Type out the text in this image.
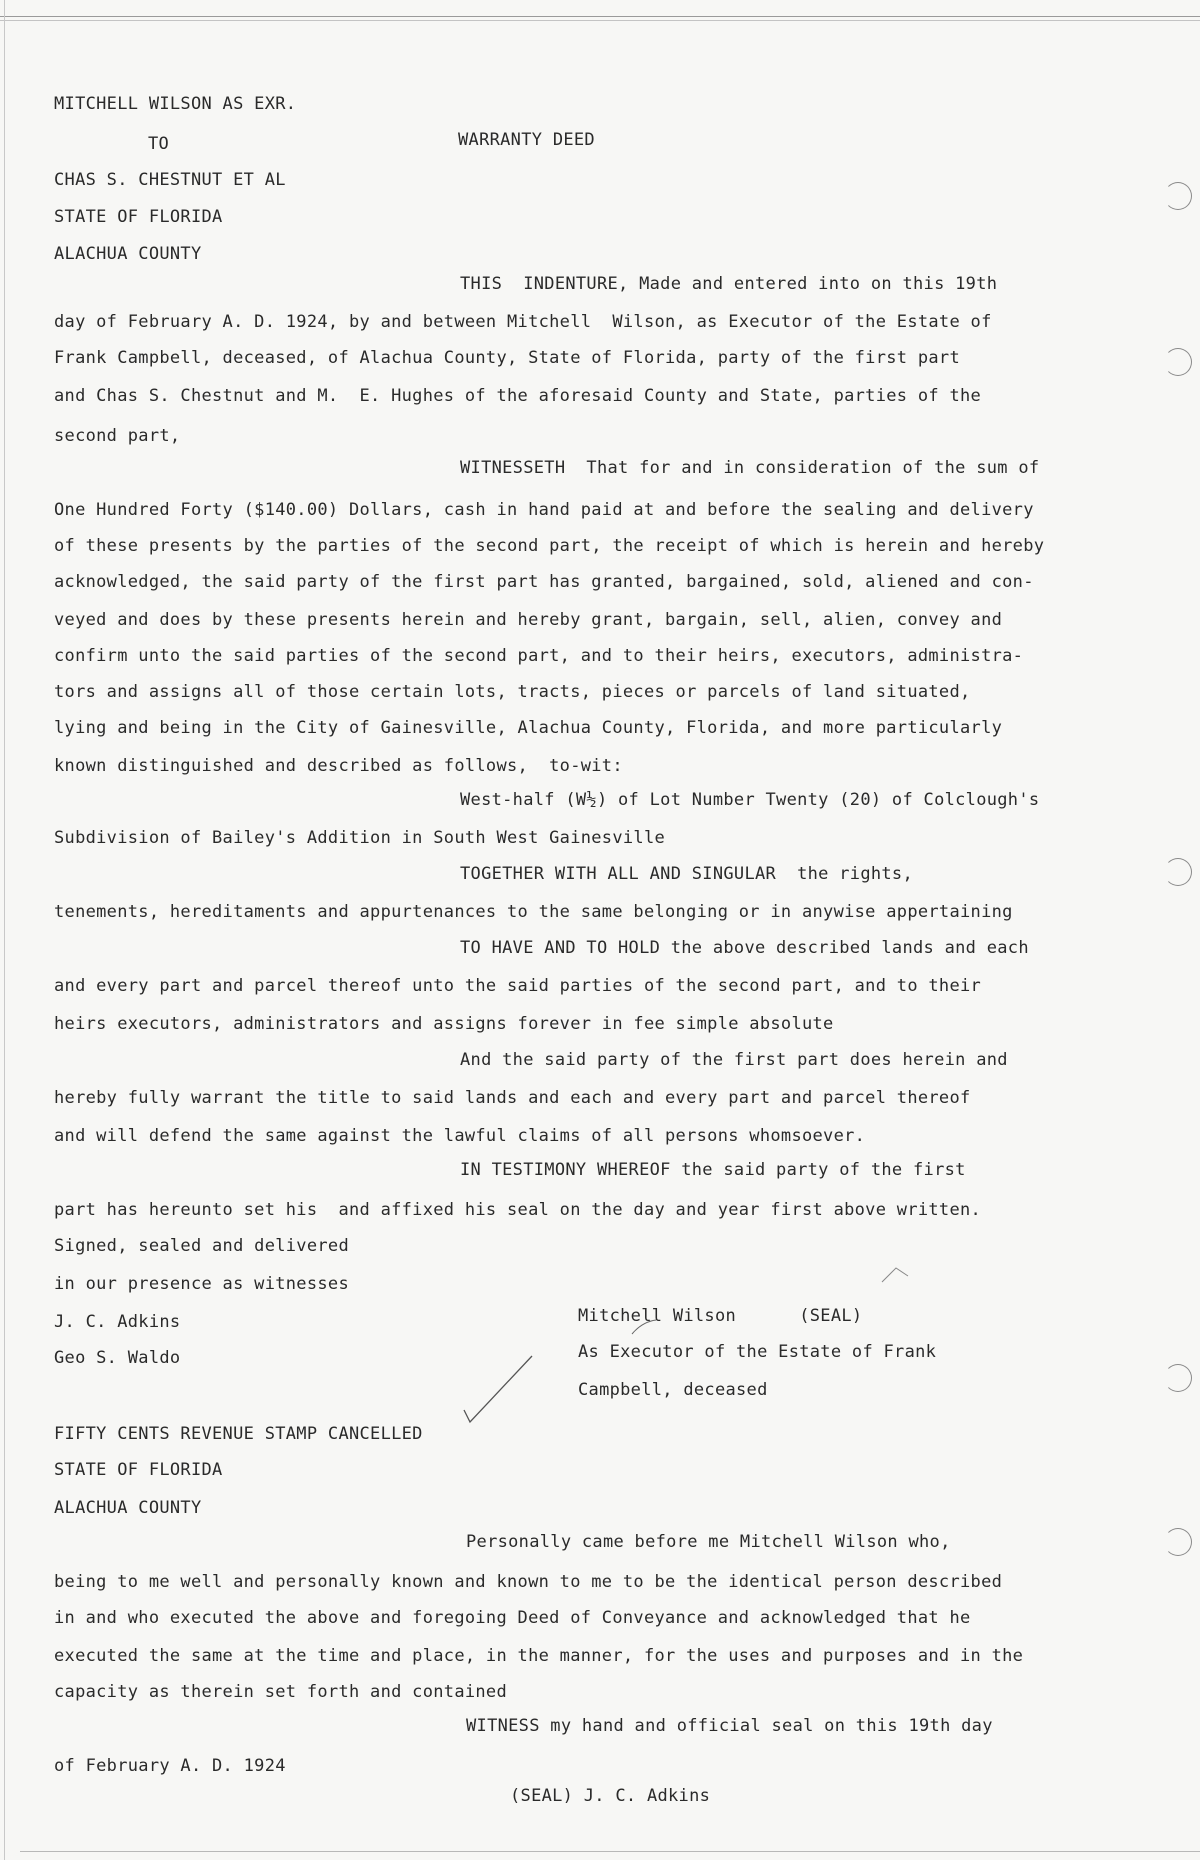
MITCHELL WILSON AS EXR.
TO	WARRANTY DEED
CHAS S. CHESTNUT ET AL
STATE OF FLORIDA
ALACHUA COUNTY
THIS  INDENTURE, Made and entered into on this 19th
day of February A. D. 1924, by and between Mitchell  Wilson, as Executor of the Estate of
Frank Campbell, deceased, of Alachua County, State of Florida, party of the first part
and Chas S. Chestnut and M.  E. Hughes of the aforesaid County and State, parties of the
second part,
WITNESSETH  That for and in consideration of the sum of
One Hundred Forty ($140.00) Dollars, cash in hand paid at and before the sealing and delivery
of these presents by the parties of the second part, the receipt of which is herein and hereby
acknowledged, the said party of the first part has granted, bargained, sold, aliened and con-
veyed and does by these presents herein and hereby grant, bargain, sell, alien, convey and
confirm unto the said parties of the second part, and to their heirs, executors, administra-
tors and assigns all of those certain lots, tracts, pieces or parcels of land situated,
lying and being in the City of Gainesville, Alachua County, Florida, and more particularly
known distinguished and described as follows,  to-wit:
West-half (W½) of Lot Number Twenty (20) of Colclough's
Subdivision of Bailey's Addition in South West Gainesville
TOGETHER WITH ALL AND SINGULAR  the rights,
tenements, hereditaments and appurtenances to the same belonging or in anywise appertaining
TO HAVE AND TO HOLD the above described lands and each
and every part and parcel thereof unto the said parties of the second part, and to their
heirs executors, administrators and assigns forever in fee simple absolute
And the said party of the first part does herein and
hereby fully warrant the title to said lands and each and every part and parcel thereof
and will defend the same against the lawful claims of all persons whomsoever.
IN TESTIMONY WHEREOF the said party of the first
part has hereunto set his  and affixed his seal on the day and year first above written.
Signed, sealed and delivered
in our presence as witnesses
J. C. Adkins	Mitchell Wilson      (SEAL)
Geo S. Waldo	As Executor of the Estate of Frank
Campbell, deceased
FIFTY CENTS REVENUE STAMP CANCELLED
STATE OF FLORIDA
ALACHUA COUNTY
Personally came before me Mitchell Wilson who,
being to me well and personally known and known to me to be the identical person described
in and who executed the above and foregoing Deed of Conveyance and acknowledged that he
executed the same at the time and place, in the manner, for the uses and purposes and in the
capacity as therein set forth and contained
WITNESS my hand and official seal on this 19th day
of February A. D. 1924
(SEAL) J. C. Adkins
